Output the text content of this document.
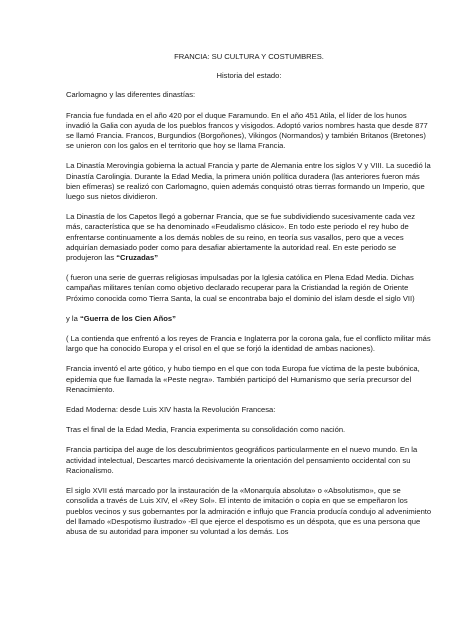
FRANCIA: SU CULTURA Y COSTUMBRES.

Historia del estado:

Carlomagno y las diferentes dinastías:

Francia fue fundada en el año 420 por el duque Faramundo. En el año 451 Atila, el líder de los hunos invadió la Galia con ayuda de los pueblos francos y visigodos. Adoptó varios nombres hasta que desde 877 se llamó Francia. Francos, Burgundios (Borgoñones), Vikingos (Normandos) y también Britanos (Bretones) se unieron con los galos en el territorio que hoy se llama Francia.

La Dinastía Merovingia gobierna la actual Francia y parte de Alemania entre los siglos V y VIII. La sucedió la Dinastía Carolingia. Durante la Edad Media, la primera unión política duradera (las anteriores fueron más bien efímeras) se realizó con Carlomagno, quien además conquistó otras tierras formando un Imperio, que luego sus nietos dividieron.

La Dinastía de los Capetos llegó a gobernar Francia, que se fue subdividiendo sucesivamente cada vez más, característica que se ha denominado «Feudalismo clásico». En todo este periodo el rey hubo de enfrentarse continuamente a los demás nobles de su reino, en teoría sus vasallos, pero que a veces adquirían demasiado poder como para desafiar abiertamente la autoridad real. En este periodo se produjeron las “Cruzadas”

( fueron una serie de guerras religiosas impulsadas por la Iglesia católica en Plena Edad Media. Dichas campañas militares tenían como objetivo declarado recuperar para la Cristiandad la región de Oriente Próximo conocida como Tierra Santa, la cual se encontraba bajo el dominio del islam desde el siglo VII)

y la “Guerra de los Cien Años”

( La contienda que enfrentó a los reyes de Francia e Inglaterra por la corona gala, fue el conflicto militar más largo que ha conocido Europa y el crisol en el que se forjó la identidad de ambas naciones).

Francia inventó el arte gótico, y hubo tiempo en el que con toda Europa fue víctima de la peste bubónica, epidemia que fue llamada la «Peste negra». También participó del Humanismo que sería precursor del Renacimiento.

Edad Moderna: desde Luis XIV hasta la Revolución Francesa:

Tras el final de la Edad Media, Francia experimenta su consolidación como nación.

Francia participa del auge de los descubrimientos geográficos particularmente en el nuevo mundo. En la actividad intelectual, Descartes marcó decisivamente la orientación del pensamiento occidental con su Racionalismo.

El siglo XVII está marcado por la instauración de la «Monarquía absoluta» o «Absolutismo», que se consolida a través de Luis XIV, el «Rey Sol». El intento de imitación o copia en que se empeñaron los pueblos vecinos y sus gobernantes por la admiración e influjo que Francia producía condujo al advenimiento del llamado «Despotismo ilustrado» -El que ejerce el despotismo es un déspota, que es una persona que abusa de su autoridad para imponer su voluntad a los demás. Los
